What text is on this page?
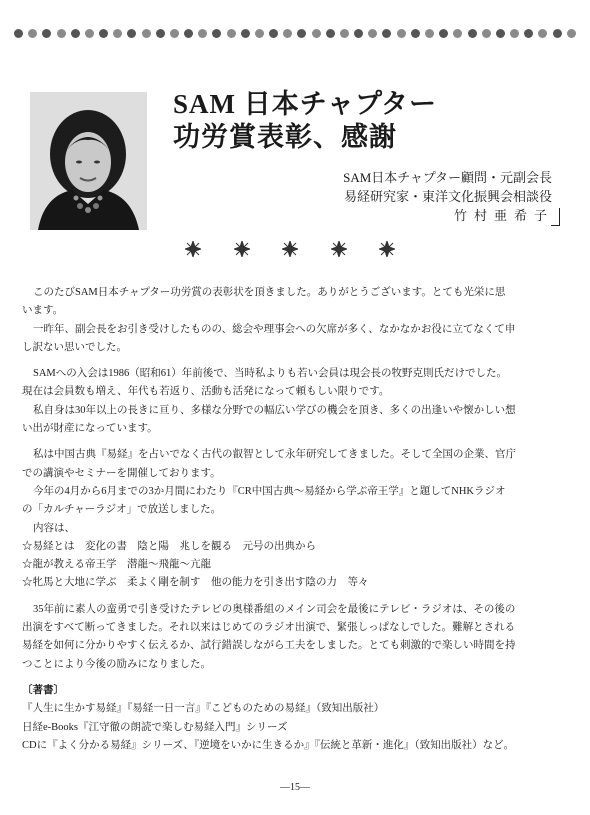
SAM 日本チャプター
功労賞表彰、感謝
SAM日本チャプター顧問・元副会長
易経研究家・東洋文化振興会相談役
竹村亜希子

このたびSAM日本チャプター功労賞の表彰状を頂きました。ありがとうございます。とても光栄に思

います。

一昨年、副会長をお引き受けしたものの、総会や理事会への欠席が多く、なかなかお役に立てなくて申

し訳ない思いでした。

SAMへの入会は1986（昭和61）年前後で、当時私よりも若い会員は現会長の牧野克則氏だけでした。

現在は会員数も増え、年代も若返り、活動も活発になって頼もしい限りです。

私自身は30年以上の長きに亘り、多様な分野での幅広い学びの機会を頂き、多くの出逢いや懐かしい想

い出が財産になっています。

私は中国古典『易経』を占いでなく古代の叡智として永年研究してきました。そして全国の企業、官庁

での講演やセミナーを開催しております。

今年の4月から6月までの3か月間にわたり『CR中国古典～易経から学ぶ帝王学』と題してNHKラジオ

の「カルチャーラジオ」で放送しました。

内容は、

☆易経とは　変化の書　陰と陽　兆しを観る　元号の出典から

☆龍が教える帝王学　潜龍～飛龍～亢龍

☆牝馬と大地に学ぶ　柔よく剛を制す　他の能力を引き出す陰の力　等々

35年前に素人の蛮勇で引き受けたテレビの奥様番組のメイン司会を最後にテレビ・ラジオは、その後の

出演をすべて断ってきました。それ以来はじめてのラジオ出演で、緊張しっぱなしでした。難解とされる

易経を如何に分かりやすく伝えるか、試行錯誤しながら工夫をしました。とても刺激的で楽しい時間を持

つことにより今後の励みになりました。

〔著書〕

『人生に生かす易経』『易経一日一言』『こどものための易経』（致知出版社）

日経e-Books『江守徹の朗読で楽しむ易経入門』シリーズ

CDに『よく分かる易経』シリーズ、『逆境をいかに生きるか』『伝統と革新・進化』（致知出版社）など。

―15―
